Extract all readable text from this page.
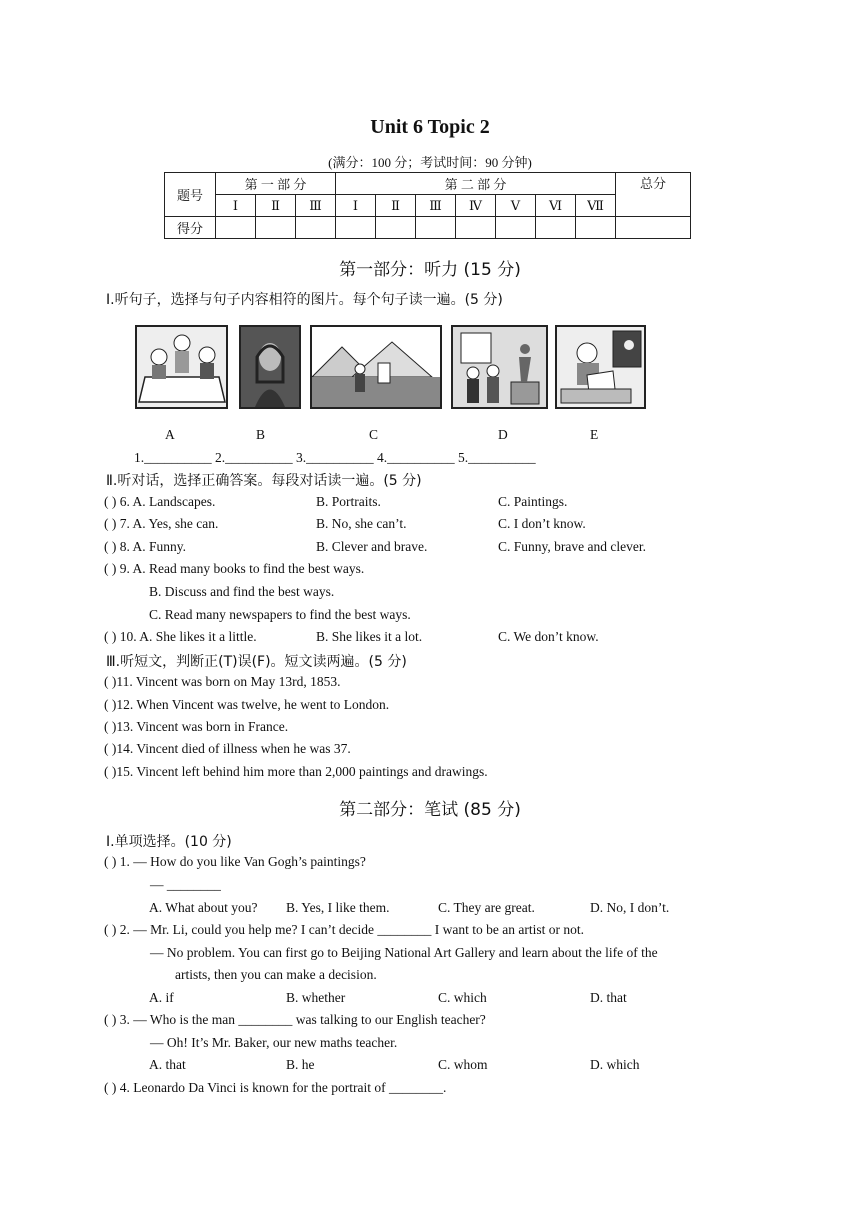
Unit 6 Topic 2
(满分：100 分；考试时间：90 分钟)
题号	第 一 部 分			第 二 部 分							总分
	Ⅰ	Ⅱ	Ⅲ	Ⅰ	Ⅱ	Ⅲ	Ⅳ	Ⅴ	Ⅵ	Ⅶ	
得分											
第一部分：听力 (15 分)
Ⅰ.听句子，选择与句子内容相符的图片。每个句子读一遍。(5 分)
A	B	C	D	E
1.__________ 2.__________ 3.__________ 4.__________ 5.__________
Ⅱ.听对话，选择正确答案。每段对话读一遍。(5 分)
( ) 6. A. Landscapes.	B. Portraits.	C. Paintings.
( ) 7. A. Yes, she can.	B. No, she can’t.	C. I don’t know.
( ) 8. A. Funny.	B. Clever and brave.	C. Funny, brave and clever.
( ) 9. A. Read many books to find the best ways.
B. Discuss and find the best ways.
C. Read many newspapers to find the best ways.
( ) 10. A. She likes it a little.	B. She likes it a lot.	C. We don’t know.
Ⅲ.听短文，判断正(T)误(F)。短文读两遍。(5 分)
( )11. Vincent was born on May 13rd, 1853.
( )12. When Vincent was twelve, he went to London.
( )13. Vincent was born in France.
( )14. Vincent died of illness when he was 37.
( )15. Vincent left behind him more than 2,000 paintings and drawings.
第二部分：笔试 (85 分)
Ⅰ.单项选择。(10 分)
( ) 1. — How do you like Van Gogh’s paintings?
— ________
A. What about you? B. Yes, I like them.	C. They are great.	D. No, I don’t.
( ) 2. — Mr. Li, could you help me? I can’t decide ________ I want to be an artist or not.
— No problem. You can first go to Beijing National Art Gallery and learn about the life of the
artists, then you can make a decision.
A. if	B. whether	C. which	D. that
( ) 3. — Who is the man ________ was talking to our English teacher?
— Oh! It’s Mr. Baker, our new maths teacher.
A. that	B. he	C. whom	D. which
( ) 4. Leonardo Da Vinci is known for the portrait of ________.
